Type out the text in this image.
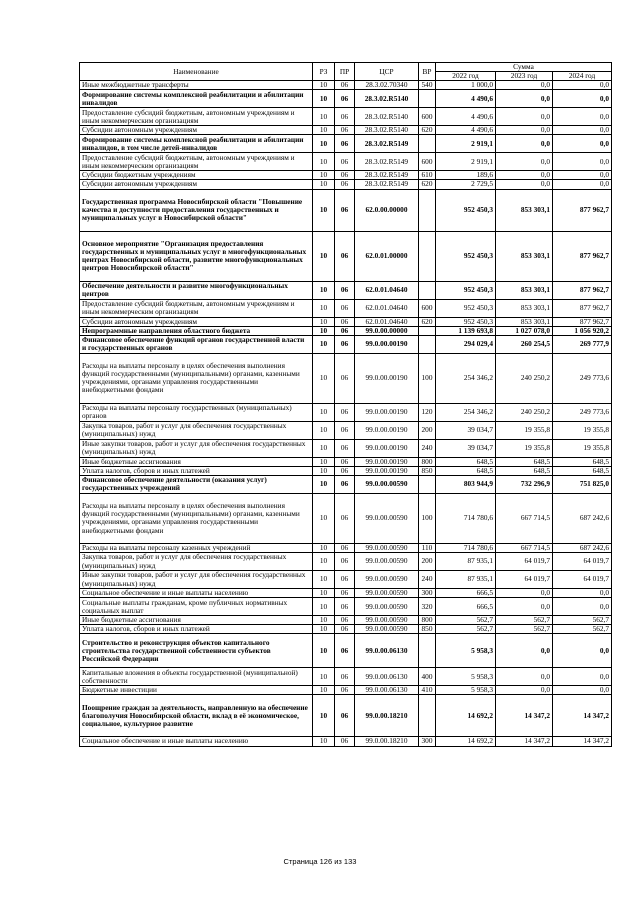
Наименование	РЗ	ПР	ЦСР	ВР	Сумма		
					2022 год	2023 год	2024 год
Иные межбюджетные трансферты	10	06	28.3.02.70340	540	1 000,0	0,0	0,0
Формирование системы комплексной реабилитации и абилитации инвалидов	10	06	28.3.02.R5140		4 490,6	0,0	0,0
Предоставление субсидий бюджетным, автономным учреждениям и иным некоммерческим организациям	10	06	28.3.02.R5140	600	4 490,6	0,0	0,0
Субсидии автономным учреждениям	10	06	28.3.02.R5140	620	4 490,6	0,0	0,0
Формирование системы комплексной реабилитации и абилитации инвалидов, в том числе детей-инвалидов	10	06	28.3.02.R5149		2 919,1	0,0	0,0
Предоставление субсидий бюджетным, автономным учреждениям и иным некоммерческим организациям	10	06	28.3.02.R5149	600	2 919,1	0,0	0,0
Субсидии бюджетным учреждениям	10	06	28.3.02.R5149	610	189,6	0,0	0,0
Субсидии автономным учреждениям	10	06	28.3.02.R5149	620	2 729,5	0,0	0,0
Государственная программа Новосибирской области "Повышение качества и доступности предоставления государственных и муниципальных услуг в Новосибирской области"	10	06	62.0.00.00000		952 450,3	853 303,1	877 962,7
Основное мероприятие "Организация предоставления государственных и муниципальных услуг в многофункциональных центрах Новосибирской области, развитие многофункциональных центров Новосибирской области"	10	06	62.0.01.00000		952 450,3	853 303,1	877 962,7
Обеспечение деятельности и развитие многофункциональных центров	10	06	62.0.01.04640		952 450,3	853 303,1	877 962,7
Предоставление субсидий бюджетным, автономным учреждениям и иным некоммерческим организациям	10	06	62.0.01.04640	600	952 450,3	853 303,1	877 962,7
Субсидии автономным учреждениям	10	06	62.0.01.04640	620	952 450,3	853 303,1	877 962,7
Непрограммные направления областного бюджета	10	06	99.0.00.00000		1 139 693,8	1 027 078,0	1 056 920,2
Финансовое обеспечение функций органов государственной власти и государственных органов	10	06	99.0.00.00190		294 029,4	260 254,5	269 777,9
Расходы на выплаты персоналу в целях обеспечения выполнения функций государственными (муниципальными) органами, казенными учреждениями, органами управления государственными внебюджетными фондами	10	06	99.0.00.00190	100	254 346,2	240 250,2	249 773,6
Расходы на выплаты персоналу государственных (муниципальных) органов	10	06	99.0.00.00190	120	254 346,2	240 250,2	249 773,6
Закупка товаров, работ и услуг для обеспечения государственных (муниципальных) нужд	10	06	99.0.00.00190	200	39 034,7	19 355,8	19 355,8
Иные закупки товаров, работ и услуг для обеспечения государственных (муниципальных) нужд	10	06	99.0.00.00190	240	39 034,7	19 355,8	19 355,8
Иные бюджетные ассигнования	10	06	99.0.00.00190	800	648,5	648,5	648,5
Уплата налогов, сборов и иных платежей	10	06	99.0.00.00190	850	648,5	648,5	648,5
Финансовое обеспечение деятельности (оказания услуг) государственных учреждений	10	06	99.0.00.00590		803 944,9	732 296,9	751 825,0
Расходы на выплаты персоналу в целях обеспечения выполнения функций государственными (муниципальными) органами, казенными учреждениями, органами управления государственными внебюджетными фондами	10	06	99.0.00.00590	100	714 780,6	667 714,5	687 242,6
Расходы на выплаты персоналу казенных учреждений	10	06	99.0.00.00590	110	714 780,6	667 714,5	687 242,6
Закупка товаров, работ и услуг для обеспечения государственных (муниципальных) нужд	10	06	99.0.00.00590	200	87 935,1	64 019,7	64 019,7
Иные закупки товаров, работ и услуг для обеспечения государственных (муниципальных) нужд	10	06	99.0.00.00590	240	87 935,1	64 019,7	64 019,7
Социальное обеспечение и иные выплаты населению	10	06	99.0.00.00590	300	666,5	0,0	0,0
Социальные выплаты гражданам, кроме публичных нормативных социальных выплат	10	06	99.0.00.00590	320	666,5	0,0	0,0
Иные бюджетные ассигнования	10	06	99.0.00.00590	800	562,7	562,7	562,7
Уплата налогов, сборов и иных платежей	10	06	99.0.00.00590	850	562,7	562,7	562,7
Строительство и реконструкция объектов капитального строительства государственной собственности субъектов Российской Федерации	10	06	99.0.00.06130		5 958,3	0,0	0,0
Капитальные вложения в объекты государственной (муниципальной) собственности	10	06	99.0.00.06130	400	5 958,3	0,0	0,0
Бюджетные инвестиции	10	06	99.0.00.06130	410	5 958,3	0,0	0,0
Поощрение граждан за деятельность, направленную на обеспечение благополучия Новосибирской области, вклад в её экономическое, социальное, культурное развитие	10	06	99.0.00.18210		14 692,2	14 347,2	14 347,2
Социальное обеспечение и иные выплаты населению	10	06	99.0.00.18210	300	14 692,2	14 347,2	14 347,2
Страница 126 из 133
